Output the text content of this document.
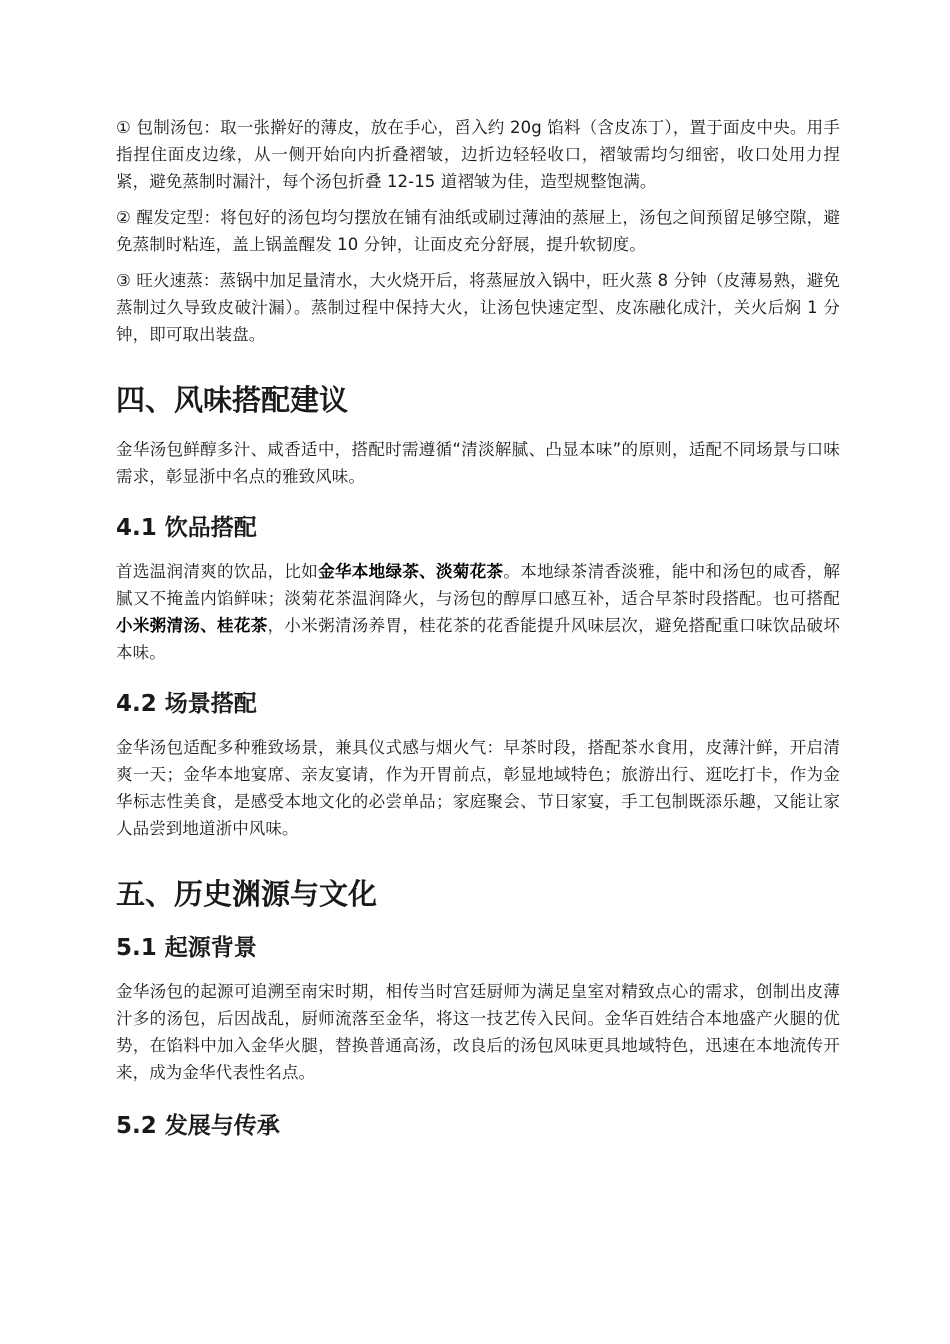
① 包制汤包：取一张擀好的薄皮，放在手心，舀入约 20g 馅料（含皮冻丁），置于面皮中央。用手指捏住面皮边缘，从一侧开始向内折叠褶皱，边折边轻轻收口，褶皱需均匀细密，收口处用力捏紧，避免蒸制时漏汁，每个汤包折叠 12-15 道褶皱为佳，造型规整饱满。

② 醒发定型：将包好的汤包均匀摆放在铺有油纸或刷过薄油的蒸屉上，汤包之间预留足够空隙，避免蒸制时粘连，盖上锅盖醒发 10 分钟，让面皮充分舒展，提升软韧度。

③ 旺火速蒸：蒸锅中加足量清水，大火烧开后，将蒸屉放入锅中，旺火蒸 8 分钟（皮薄易熟，避免蒸制过久导致皮破汁漏）。蒸制过程中保持大火，让汤包快速定型、皮冻融化成汁，关火后焖 1 分钟，即可取出装盘。

四、风味搭配建议

金华汤包鲜醇多汁、咸香适中，搭配时需遵循“清淡解腻、凸显本味”的原则，适配不同场景与口味需求，彰显浙中名点的雅致风味。

4.1 饮品搭配

首选温润清爽的饮品，比如金华本地绿茶、淡菊花茶。本地绿茶清香淡雅，能中和汤包的咸香，解腻又不掩盖内馅鲜味；淡菊花茶温润降火，与汤包的醇厚口感互补，适合早茶时段搭配。也可搭配小米粥清汤、桂花茶，小米粥清汤养胃，桂花茶的花香能提升风味层次，避免搭配重口味饮品破坏本味。

4.2 场景搭配

金华汤包适配多种雅致场景，兼具仪式感与烟火气：早茶时段，搭配茶水食用，皮薄汁鲜，开启清爽一天；金华本地宴席、亲友宴请，作为开胃前点，彰显地域特色；旅游出行、逛吃打卡，作为金华标志性美食，是感受本地文化的必尝单品；家庭聚会、节日家宴，手工包制既添乐趣，又能让家人品尝到地道浙中风味。

五、历史渊源与文化
5.1 起源背景

金华汤包的起源可追溯至南宋时期，相传当时宫廷厨师为满足皇室对精致点心的需求，创制出皮薄汁多的汤包，后因战乱，厨师流落至金华，将这一技艺传入民间。金华百姓结合本地盛产火腿的优势，在馅料中加入金华火腿，替换普通高汤，改良后的汤包风味更具地域特色，迅速在本地流传开来，成为金华代表性名点。

5.2 发展与传承
